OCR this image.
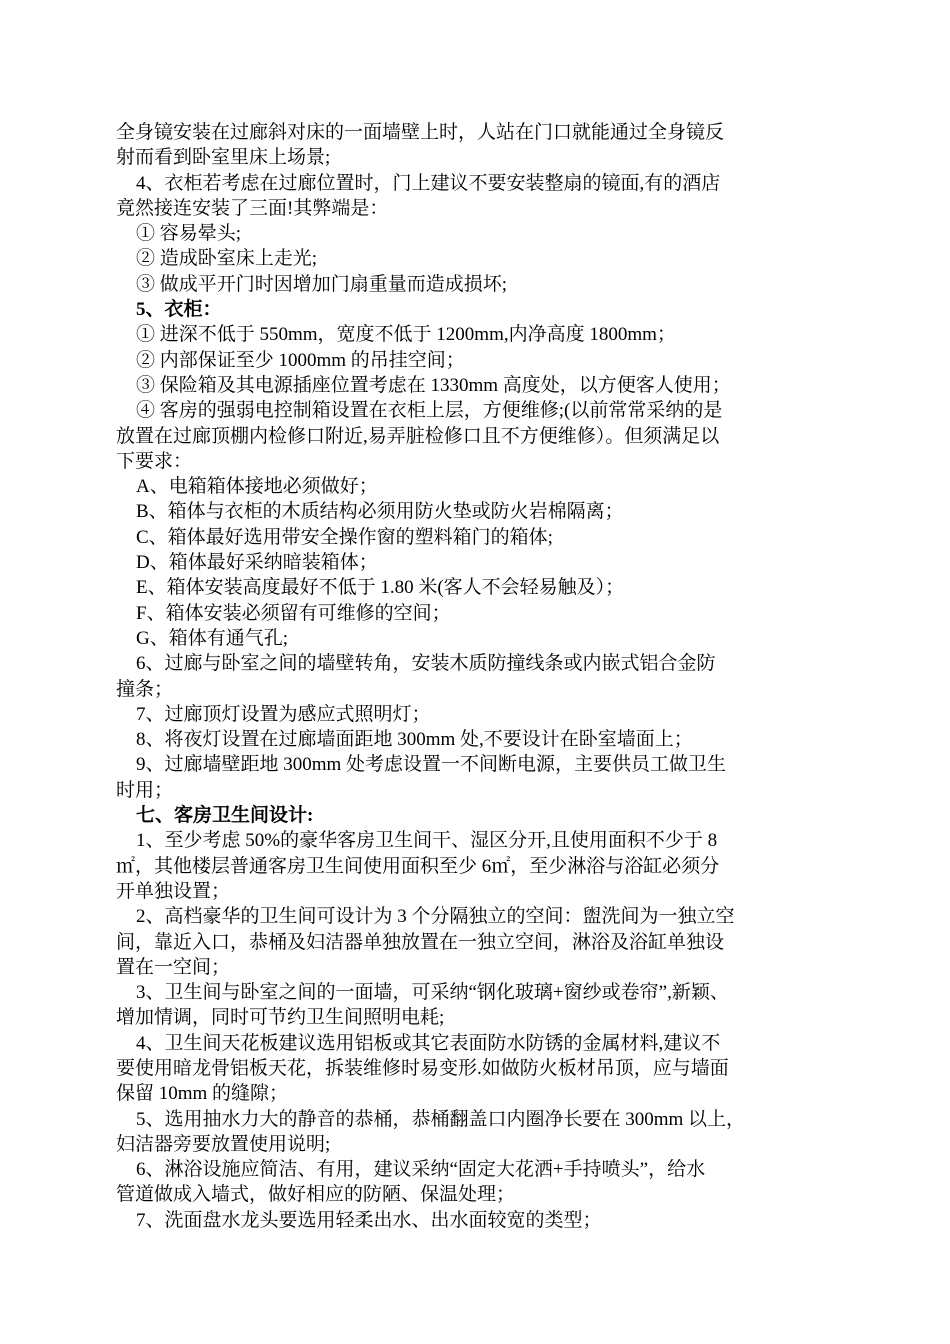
全身镜安装在过廊斜对床的一面墙壁上时，人站在门口就能通过全身镜反
射而看到卧室里床上场景;
4、衣柜若考虑在过廊位置时，门上建议不要安装整扇的镜面,有的酒店
竟然接连安装了三面!其弊端是：
① 容易晕头;
② 造成卧室床上走光;
③ 做成平开门时因增加门扇重量而造成损坏;
5、衣柜：
① 进深不低于 550mm，宽度不低于 1200mm,内净高度 1800mm；
② 内部保证至少 1000mm 的吊挂空间；
③ 保险箱及其电源插座位置考虑在 1330mm 高度处，以方便客人使用；
④ 客房的强弱电控制箱设置在衣柜上层，方便维修;(以前常常采纳的是
放置在过廊顶棚内检修口附近,易弄脏检修口且不方便维修）。但须满足以
下要求：
A、电箱箱体接地必须做好；
B、箱体与衣柜的木质结构必须用防火垫或防火岩棉隔离；
C、箱体最好选用带安全操作窗的塑料箱门的箱体;
D、箱体最好采纳暗装箱体；
E、箱体安装高度最好不低于 1.80 米(客人不会轻易触及）；
F、箱体安装必须留有可维修的空间；
G、箱体有通气孔;
6、过廊与卧室之间的墙壁转角，安装木质防撞线条或内嵌式铝合金防
撞条；
7、过廊顶灯设置为感应式照明灯；
8、将夜灯设置在过廊墙面距地 300mm 处,不要设计在卧室墙面上；
9、过廊墙壁距地 300mm 处考虑设置一不间断电源，主要供员工做卫生
时用；
七、客房卫生间设计:
1、至少考虑 50%的豪华客房卫生间干、湿区分开,且使用面积不少于 8
㎡，其他楼层普通客房卫生间使用面积至少 6㎡，至少淋浴与浴缸必须分
开单独设置；
2、高档豪华的卫生间可设计为 3 个分隔独立的空间：盥洗间为一独立空
间，靠近入口，恭桶及妇洁器单独放置在一独立空间，淋浴及浴缸单独设
置在一空间；
3、卫生间与卧室之间的一面墙，可采纳“钢化玻璃+窗纱或卷帘”,新颖、
增加情调，同时可节约卫生间照明电耗;
4、卫生间天花板建议选用铝板或其它表面防水防锈的金属材料,建议不
要使用暗龙骨铝板天花，拆装维修时易变形.如做防火板材吊顶，应与墙面
保留 10mm 的缝隙；
5、选用抽水力大的静音的恭桶，恭桶翻盖口内圈净长要在 300mm 以上，
妇洁器旁要放置使用说明;
6、淋浴设施应简洁、有用，建议采纳“固定大花洒+手持喷头”，给水
管道做成入墙式，做好相应的防陋、保温处理；
7、洗面盘水龙头要选用轻柔出水、出水面较宽的类型；
